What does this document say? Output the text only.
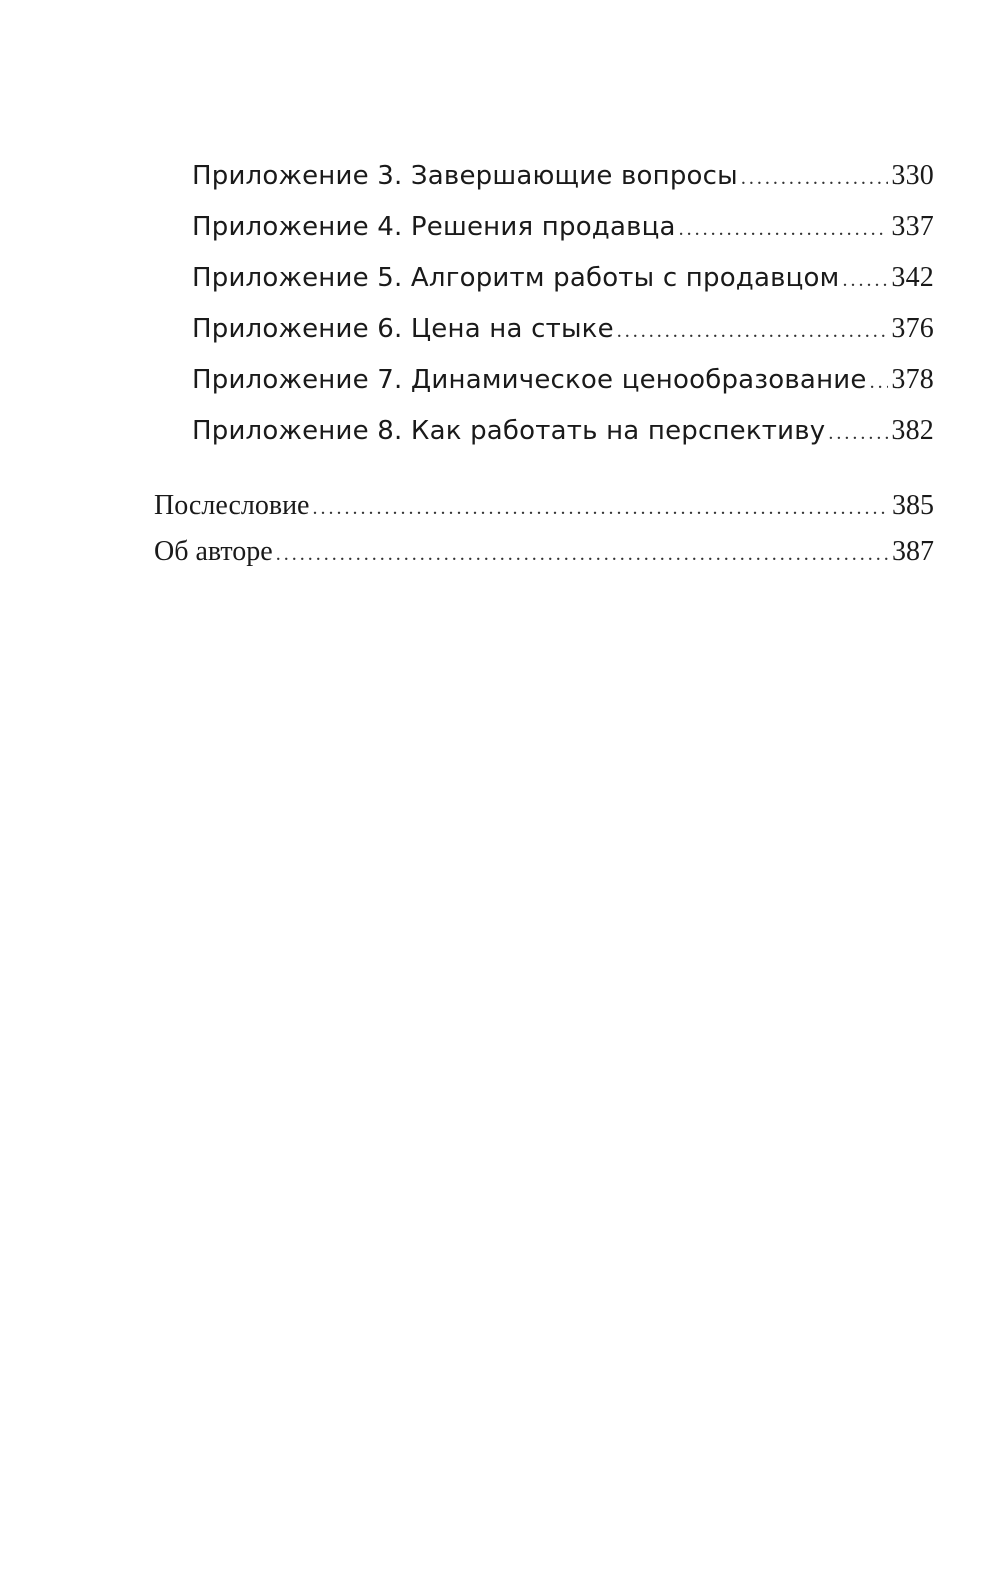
Приложение 3. Завершающие вопросы .....	330
Приложение 4. Решения продавца .....	337
Приложение 5. Алгоритм работы с продавцом ..... 342
Приложение 6. Цена на стыке .....	376
Приложение 7. Динамическое ценообразование ..... 378
Приложение 8. Как работать на перспективу ..... 382
Послесловие .....	385
Об авторе .....	387
